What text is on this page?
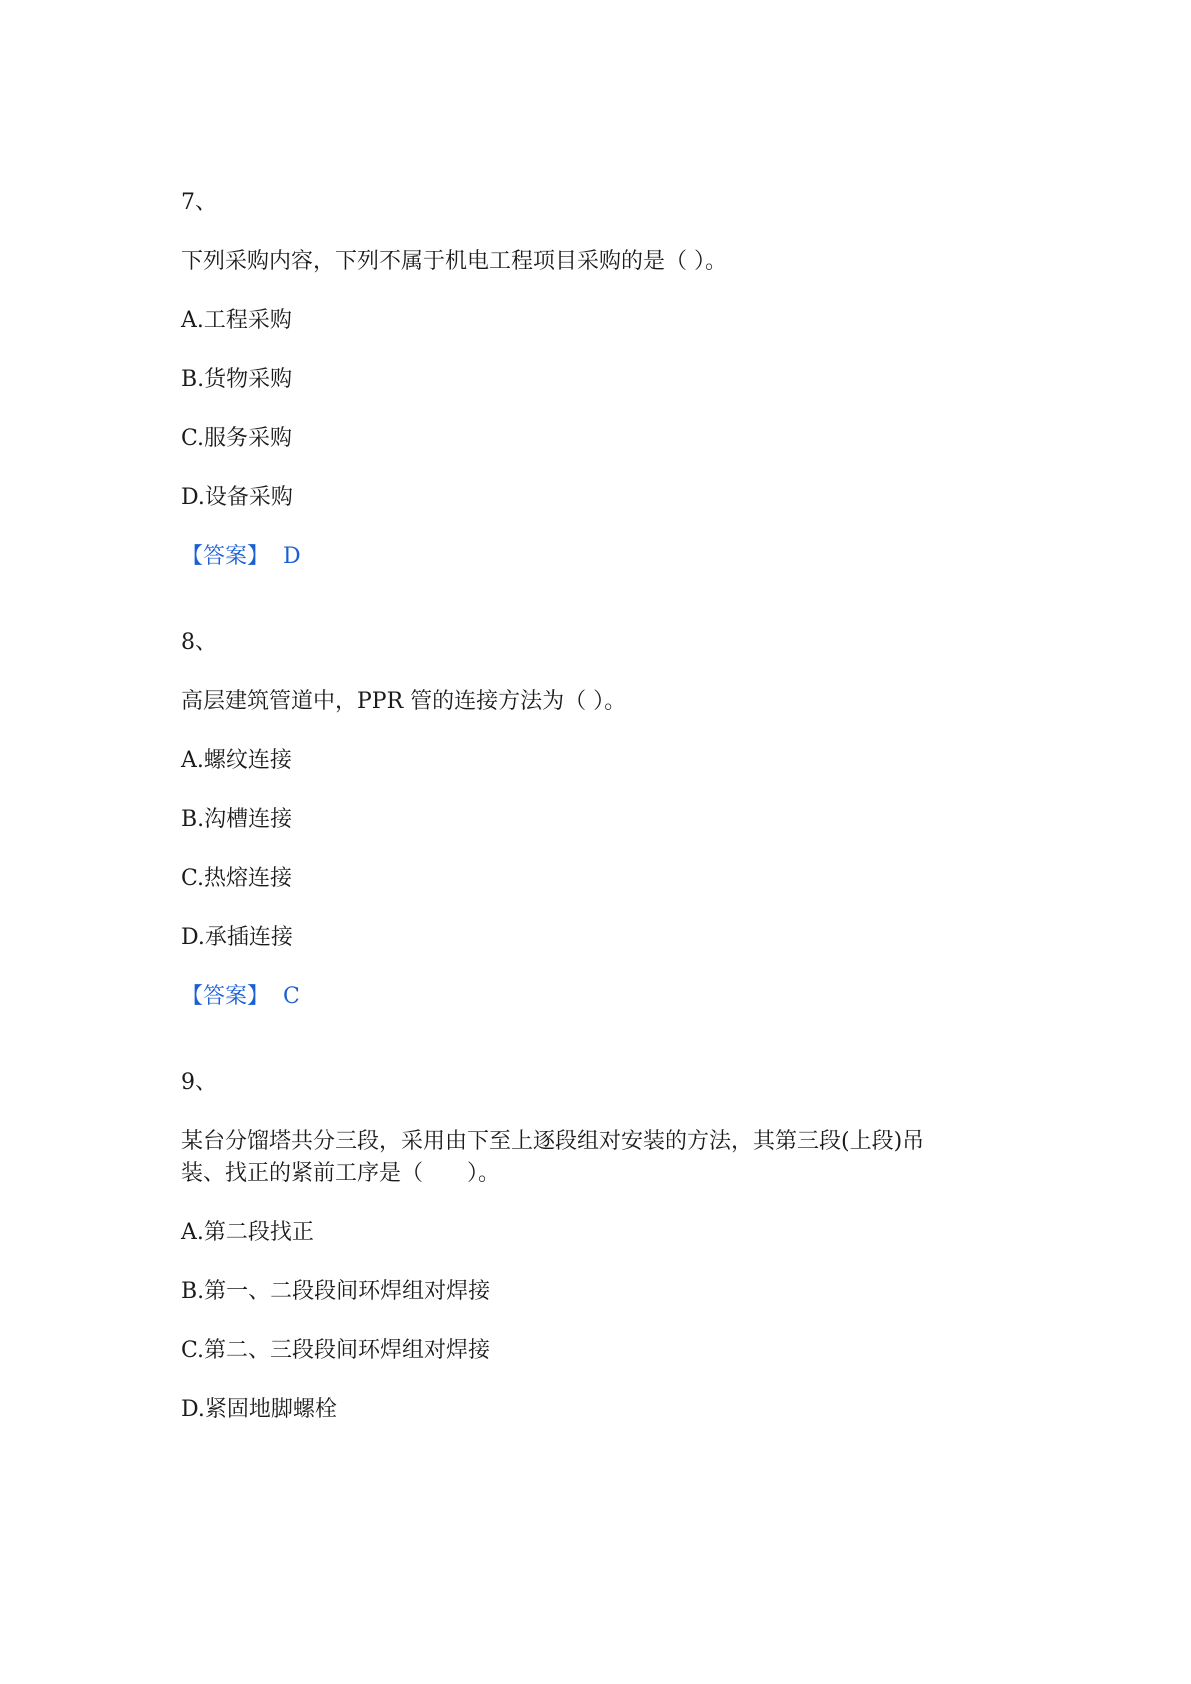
7、
下列采购内容，下列不属于机电工程项目采购的是（ ）。
A.工程采购
B.货物采购
C.服务采购
D.设备采购
【答案】 D
8、
高层建筑管道中，PPR 管的连接方法为（ ）。
A.螺纹连接
B.沟槽连接
C.热熔连接
D.承插连接
【答案】 C
9、
某台分馏塔共分三段，采用由下至上逐段组对安装的方法，其第三段(上段)吊
装、找正的紧前工序是（　　）。
A.第二段找正
B.第一、二段段间环焊组对焊接
C.第二、三段段间环焊组对焊接
D.紧固地脚螺栓
